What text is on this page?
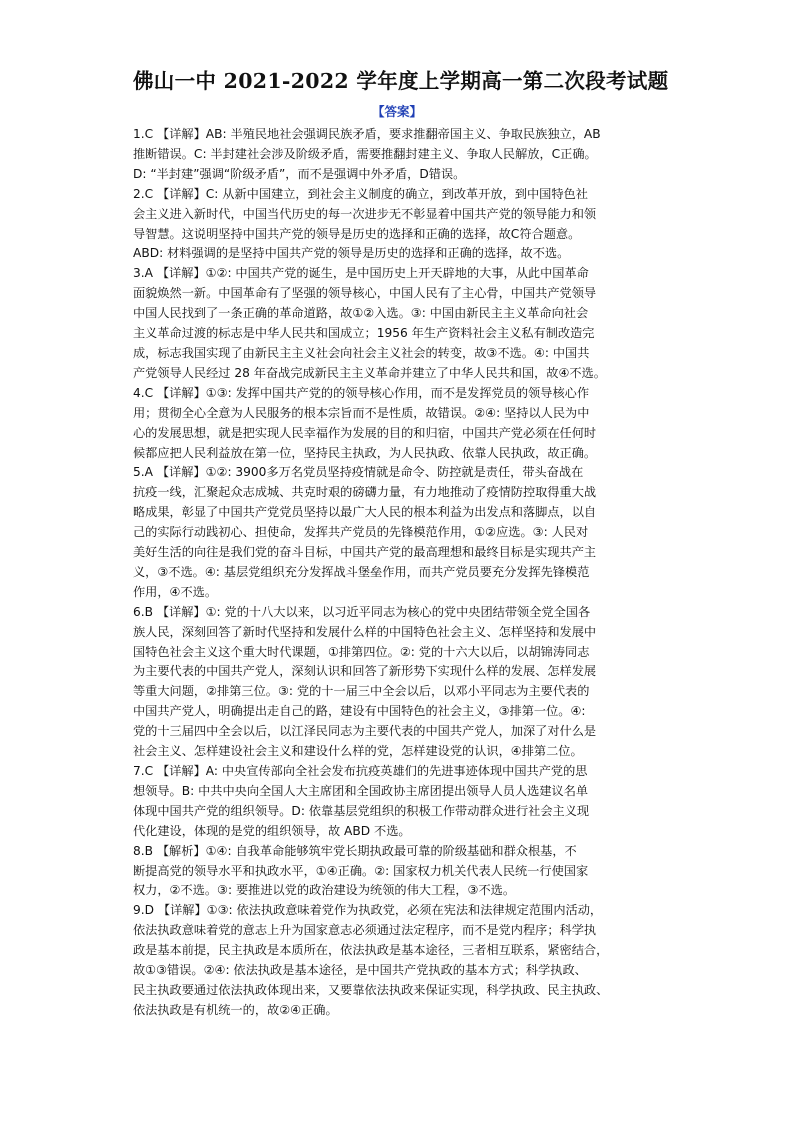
佛山一中 2021-2022 学年度上学期高一第二次段考试题
【答案】
1.C 【详解】AB: 半殖民地社会强调民族矛盾，要求推翻帝国主义、争取民族独立，AB
推断错误。C: 半封建社会涉及阶级矛盾，需要推翻封建主义、争取人民解放，C正确。
D: “半封建”强调“阶级矛盾”，而不是强调中外矛盾，D错误。
2.C 【详解】C: 从新中国建立，到社会主义制度的确立，到改革开放，到中国特色社
会主义进入新时代，中国当代历史的每一次进步无不彰显着中国共产党的领导能力和领
导智慧。这说明坚持中国共产党的领导是历史的选择和正确的选择，故C符合题意。
ABD: 材料强调的是坚持中国共产党的领导是历史的选择和正确的选择，故不选。
3.A 【详解】①②: 中国共产党的诞生，是中国历史上开天辟地的大事，从此中国革命
面貌焕然一新。中国革命有了坚强的领导核心，中国人民有了主心骨，中国共产党领导
中国人民找到了一条正确的革命道路，故①②入选。③: 中国由新民主主义革命向社会
主义革命过渡的标志是中华人民共和国成立；1956 年生产资料社会主义私有制改造完
成，标志我国实现了由新民主主义社会向社会主义社会的转变，故③不选。④: 中国共
产党领导人民经过 28 年奋战完成新民主主义革命并建立了中华人民共和国，故④不选。
4.C 【详解】①③: 发挥中国共产党的的领导核心作用，而不是发挥党员的领导核心作
用；贯彻全心全意为人民服务的根本宗旨而不是性质，故错误。②④: 坚持以人民为中
心的发展思想，就是把实现人民幸福作为发展的目的和归宿，中国共产党必须在任何时
候都应把人民利益放在第一位，坚持民主执政，为人民执政、依靠人民执政，故正确。
5.A 【详解】①②: 3900多万名党员坚持疫情就是命令、防控就是责任，带头奋战在
抗疫一线，汇聚起众志成城、共克时艰的磅礴力量，有力地推动了疫情防控取得重大战
略成果，彰显了中国共产党党员坚持以最广大人民的根本利益为出发点和落脚点，以自
己的实际行动践初心、担使命，发挥共产党员的先锋模范作用，①②应选。③: 人民对
美好生活的向往是我们党的奋斗目标，中国共产党的最高理想和最终目标是实现共产主
义，③不选。④: 基层党组织充分发挥战斗堡垒作用，而共产党员要充分发挥先锋模范
作用，④不选。
6.B 【详解】①: 党的十八大以来，以习近平同志为核心的党中央团结带领全党全国各
族人民，深刻回答了新时代坚持和发展什么样的中国特色社会主义、怎样坚持和发展中
国特色社会主义这个重大时代课题，①排第四位。②: 党的十六大以后，以胡锦涛同志
为主要代表的中国共产党人，深刻认识和回答了新形势下实现什么样的发展、怎样发展
等重大问题，②排第三位。③: 党的十一届三中全会以后，以邓小平同志为主要代表的
中国共产党人，明确提出走自己的路，建设有中国特色的社会主义，③排第一位。④:
党的十三届四中全会以后，以江泽民同志为主要代表的中国共产党人，加深了对什么是
社会主义、怎样建设社会主义和建设什么样的党，怎样建设党的认识，④排第二位。
7.C 【详解】A: 中央宣传部向全社会发布抗疫英雄们的先进事迹体现中国共产党的思
想领导。B: 中共中央向全国人大主席团和全国政协主席团提出领导人员人选建议名单
体现中国共产党的组织领导。D: 依靠基层党组织的积极工作带动群众进行社会主义现
代化建设，体现的是党的组织领导，故 ABD 不选。
8.B 【解析】①④: 自我革命能够筑牢党长期执政最可靠的阶级基础和群众根基，不
断提高党的领导水平和执政水平，①④正确。②: 国家权力机关代表人民统一行使国家
权力，②不选。③: 要推进以党的政治建设为统领的伟大工程，③不选。
9.D 【详解】①③: 依法执政意味着党作为执政党，必须在宪法和法律规定范围内活动，
依法执政意味着党的意志上升为国家意志必须通过法定程序，而不是党内程序；科学执
政是基本前提，民主执政是本质所在，依法执政是基本途径，三者相互联系，紧密结合，
故①③错误。②④: 依法执政是基本途径，是中国共产党执政的基本方式；科学执政、
民主执政要通过依法执政体现出来，又要靠依法执政来保证实现，科学执政、民主执政、
依法执政是有机统一的，故②④正确。
